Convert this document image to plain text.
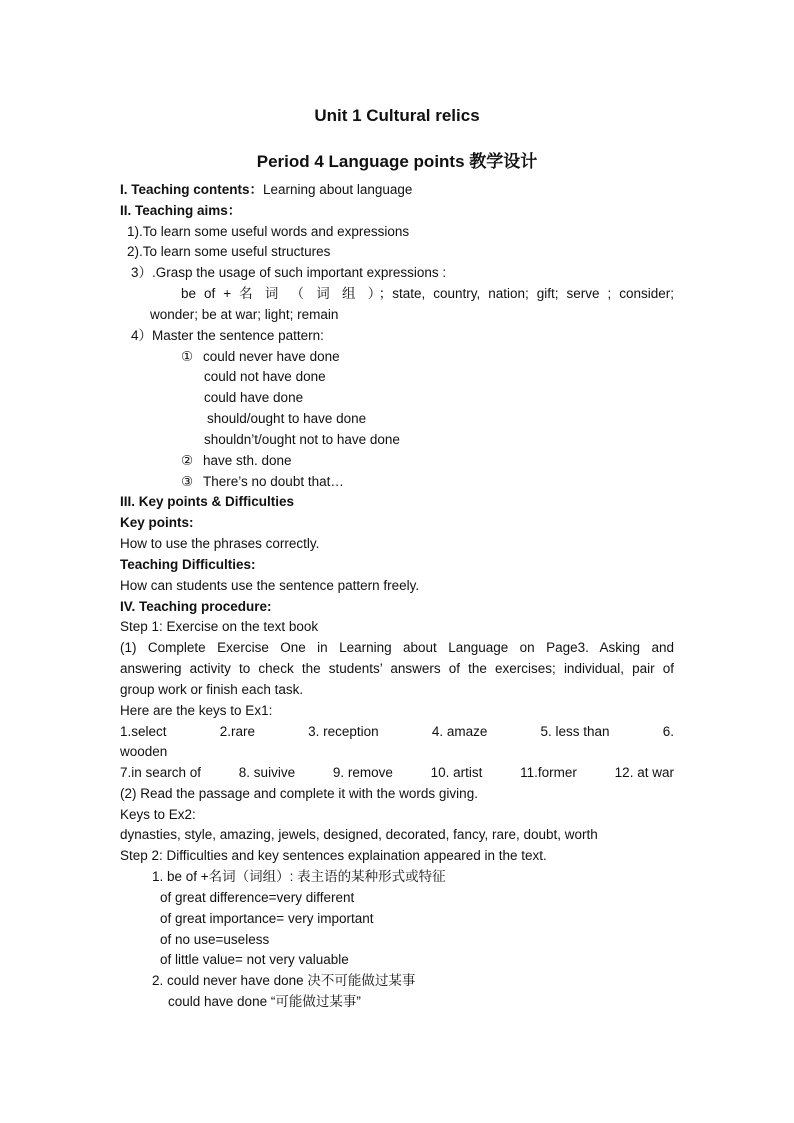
Unit 1 Cultural relics
Period 4 Language points 教学设计
I. Teaching contents：Learning about language
II. Teaching aims：
1).To learn some useful words and expressions
2).To learn some useful structures
3）.Grasp the usage of such important expressions :
be of + 名 词 （ 词 组 ）；state, country, nation; gift; serve ; consider;
wonder; be at war; light; remain
4）Master the sentence pattern:
① could never have done
could not have done
could have done
should/ought to have done
shouldn’t/ought not to have done
② have sth. done
③ There’s no doubt that…
III. Key points & Difficulties
Key points:
How to use the phrases correctly.
Teaching Difficulties:
How can students use the sentence pattern freely.
IV. Teaching procedure:
Step 1: Exercise on the text book
(1) Complete Exercise One in Learning about Language on Page3. Asking and
answering activity to check the students’ answers of the exercises; individual, pair of
group work or finish each task.
Here are the keys to Ex1:
1.select	2.rare	3. reception	4. amaze	5. less than	6.
wooden
7.in search of	8. suivive	9. remove	10. artist	11.former	12. at war
(2) Read the passage and complete it with the words giving.
Keys to Ex2:
dynasties, style, amazing, jewels, designed, decorated, fancy, rare, doubt, worth
Step 2: Difficulties and key sentences explaination appeared in the text.
1. be of +名词（词组）: 表主语的某种形式或特征
of great difference=very different
of great importance= very important
of no use=useless
of little value= not very valuable
2. could never have done 决不可能做过某事
could have done “可能做过某事”
